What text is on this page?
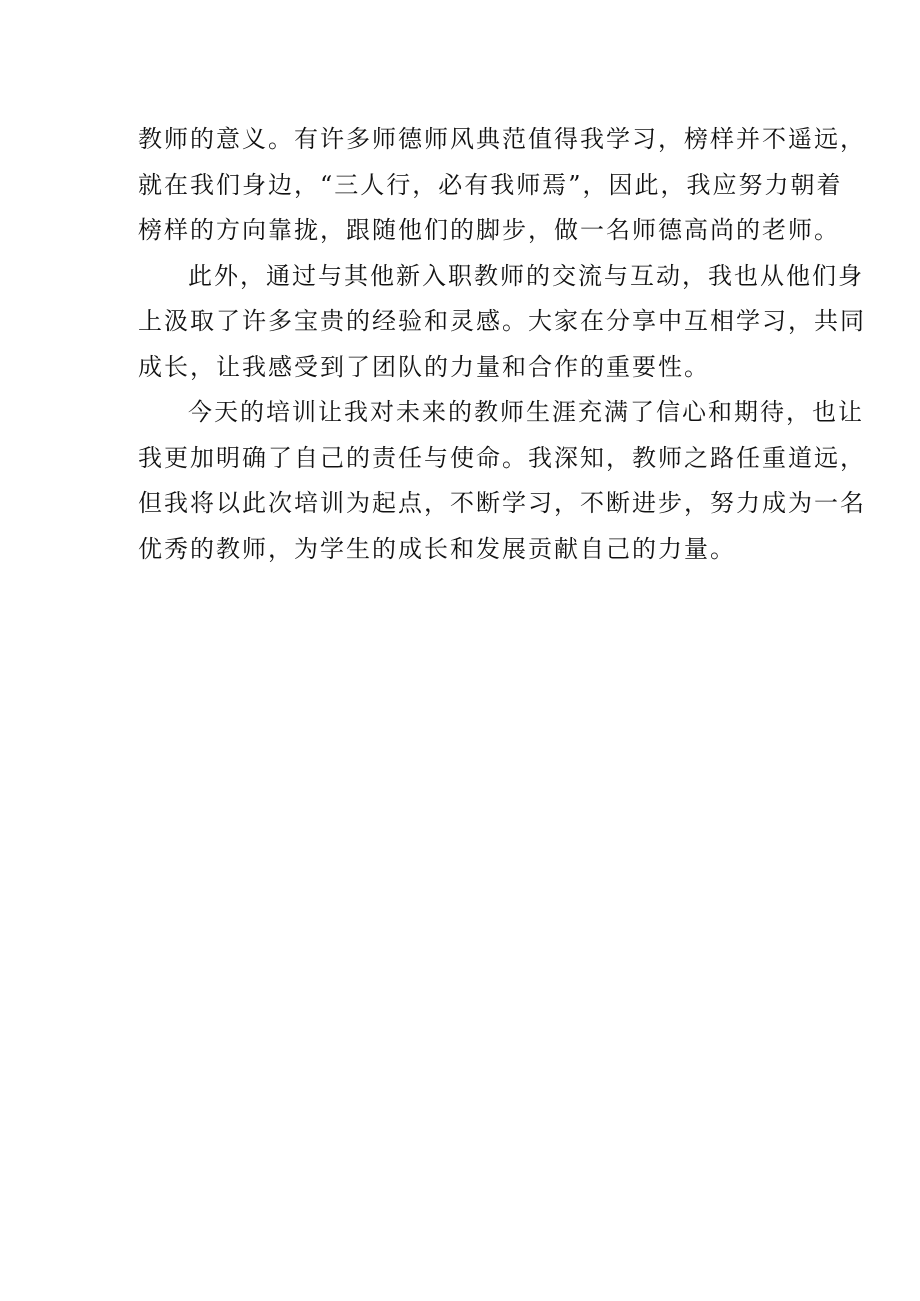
教师的意义。有许多师德师风典范值得我学习，榜样并不遥远，
就在我们身边，“三人行，必有我师焉”，因此，我应努力朝着
榜样的方向靠拢，跟随他们的脚步，做一名师德高尚的老师。
此外，通过与其他新入职教师的交流与互动，我也从他们身
上汲取了许多宝贵的经验和灵感。大家在分享中互相学习，共同
成长，让我感受到了团队的力量和合作的重要性。
今天的培训让我对未来的教师生涯充满了信心和期待，也让
我更加明确了自己的责任与使命。我深知，教师之路任重道远，
但我将以此次培训为起点，不断学习，不断进步，努力成为一名
优秀的教师，为学生的成长和发展贡献自己的力量。
